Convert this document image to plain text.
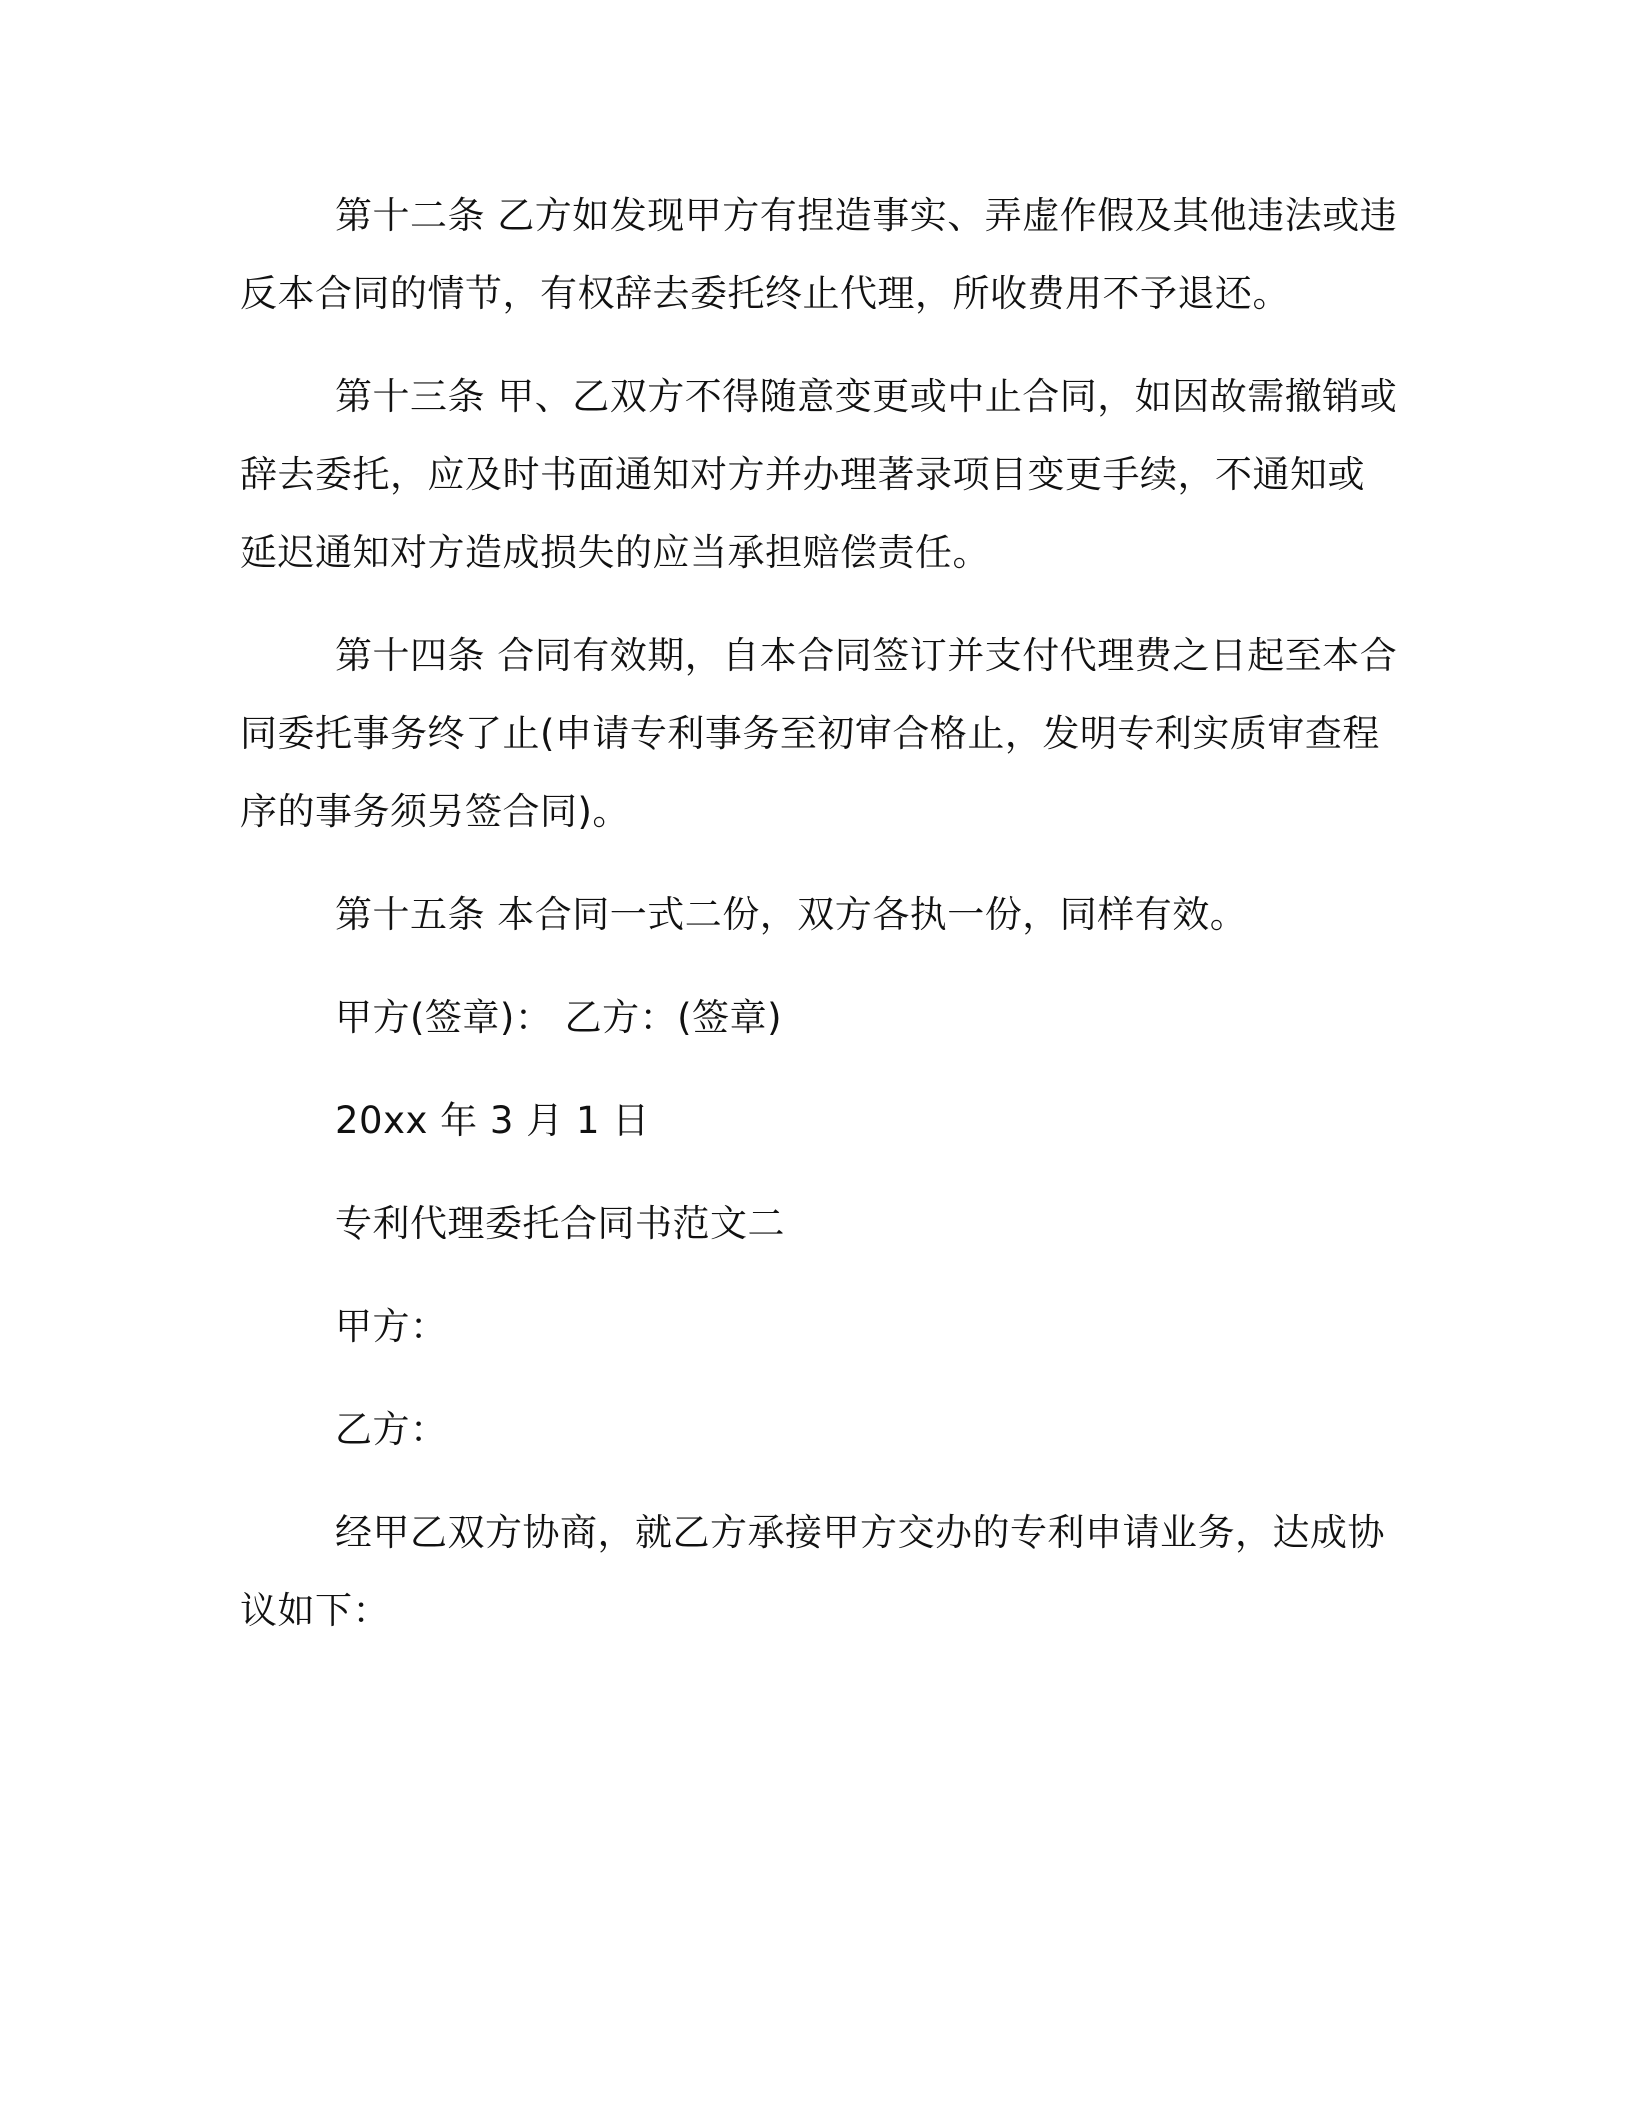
第十二条 乙方如发现甲方有捏造事实、弄虚作假及其他违法或违
反本合同的情节，有权辞去委托终止代理，所收费用不予退还。

第十三条 甲、乙双方不得随意变更或中止合同，如因故需撤销或
辞去委托，应及时书面通知对方并办理著录项目变更手续，不通知或
延迟通知对方造成损失的应当承担赔偿责任。

第十四条 合同有效期，自本合同签订并支付代理费之日起至本合
同委托事务终了止(申请专利事务至初审合格止，发明专利实质审查程
序的事务须另签合同)。

第十五条 本合同一式二份，双方各执一份，同样有效。

甲方(签章)： 乙方：(签章)

20xx 年 3 月 1 日

专利代理委托合同书范文二

甲方：

乙方：

经甲乙双方协商，就乙方承接甲方交办的专利申请业务，达成协
议如下：
